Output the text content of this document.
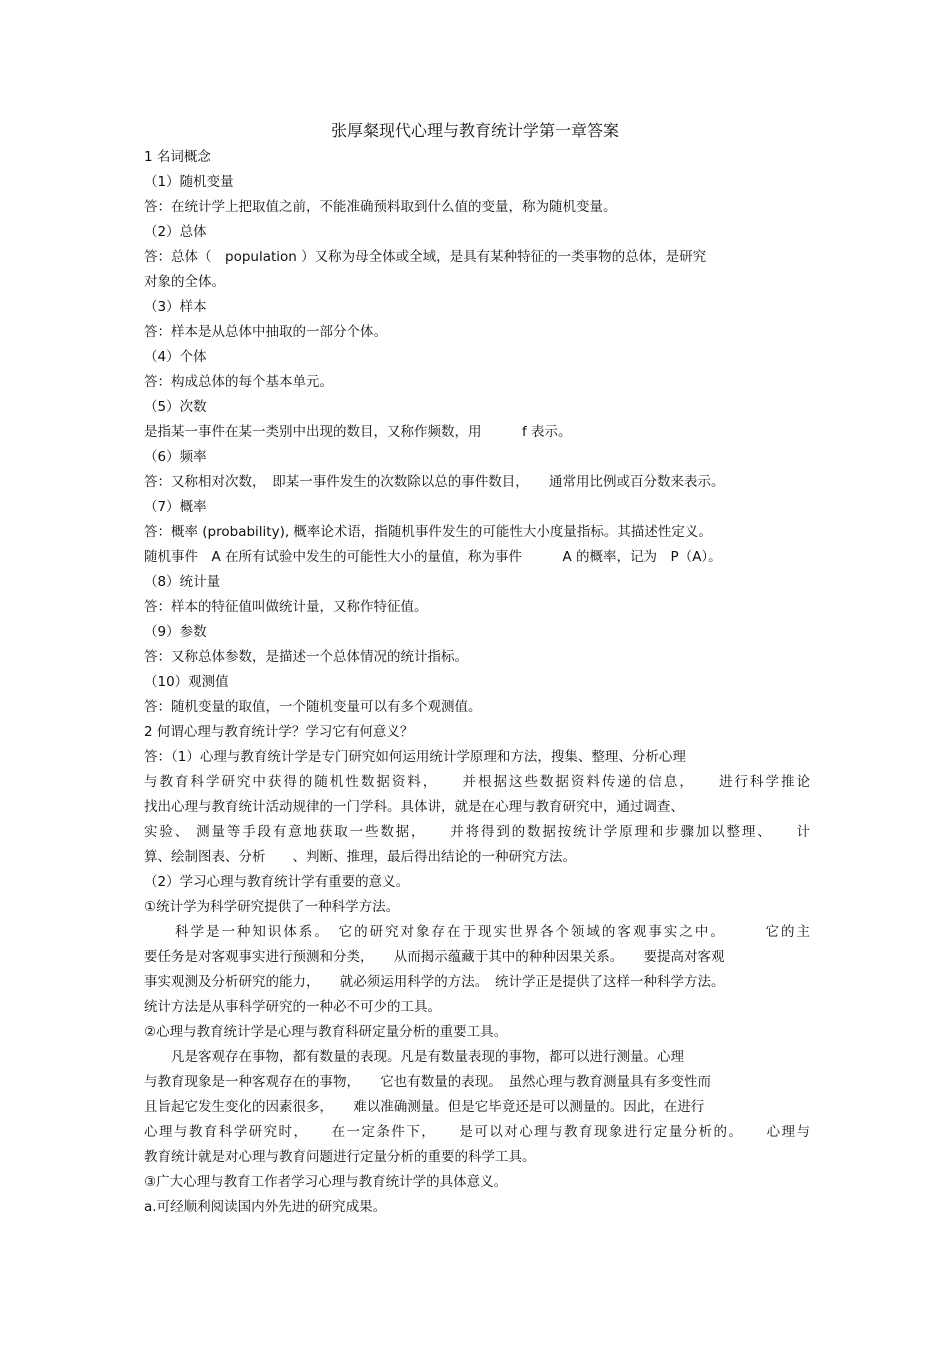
张厚粲现代心理与教育统计学第一章答案
1 名词概念
（1）随机变量
答：在统计学上把取值之前，不能准确预料取到什么值的变量，称为随机变量。
（2）总体
答：总体（　population ）又称为母全体或全域，是具有某种特征的一类事物的总体，是研究
对象的全体。
（3）样本
答：样本是从总体中抽取的一部分个体。
（4）个体
答：构成总体的每个基本单元。
（5）次数
是指某一事件在某一类别中出现的数目，又称作频数，用　　　f 表示。
（6）频率
答：又称相对次数，　即某一事件发生的次数除以总的事件数目，　　通常用比例或百分数来表示。
（7）概率
答：概率 (probability), 概率论术语，指随机事件发生的可能性大小度量指标。其描述性定义。
随机事件　A 在所有试验中发生的可能性大小的量值，称为事件　　　A 的概率，记为　P（A）。
（8）统计量
答：样本的特征值叫做统计量，又称作特征值。
（9）参数
答：又称总体参数，是描述一个总体情况的统计指标。
（10）观测值
答：随机变量的取值，一个随机变量可以有多个观测值。
2 何谓心理与教育统计学？学习它有何意义？
答：（1）心理与教育统计学是专门研究如何运用统计学原理和方法，搜集、整理、分析心理
与教育科学研究中获得的随机性数据资料，　　并根据这些数据资料传递的信息，　　进行科学推论
找出心理与教育统计活动规律的一门学科。具体讲，就是在心理与教育研究中，通过调查、
实验、 测量等手段有意地获取一些数据，　　并将得到的数据按统计学原理和步骤加以整理、　　计
算、绘制图表、分析　　、判断、推理，最后得出结论的一种研究方法。
（2）学习心理与教育统计学有重要的意义。
①统计学为科学研究提供了一种科学方法。
　　科学是一种知识体系。　它的研究对象存在于现实世界各个领域的客观事实之中。　　　它的主
要任务是对客观事实进行预测和分类，　　从而揭示蕴藏于其中的种种因果关系。　　要提高对客观
事实观测及分析研究的能力，　　就必须运用科学的方法。　统计学正是提供了这样一种科学方法。
统计方法是从事科学研究的一种必不可少的工具。
②心理与教育统计学是心理与教育科研定量分析的重要工具。
　　凡是客观存在事物，都有数量的表现。凡是有数量表现的事物，都可以进行测量。心理
与教育现象是一种客观存在的事物，　　它也有数量的表现。　虽然心理与教育测量具有多变性而
且旨起它发生变化的因素很多，　　难以准确测量。但是它毕竟还是可以测量的。因此，在进行
心理与教育科学研究时，　　在一定条件下，　　是可以对心理与教育现象进行定量分析的。　　心理与
教育统计就是对心理与教育问题进行定量分析的重要的科学工具。
③广大心理与教育工作者学习心理与教育统计学的具体意义。
a.可经顺利阅读国内外先进的研究成果。
